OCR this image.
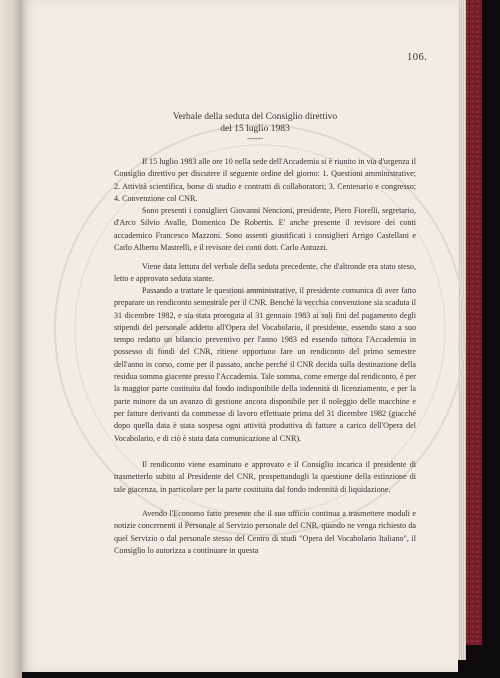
106.
Verbale della seduta del Consiglio direttivo
del 15 luglio 1983
------

Il 15 luglio 1983 alle ore 10 nella sede dell'Accademia si è riunito in via d'urgenza il Consiglio direttivo per discutere il seguente ordine del giorno: 1. Questioni amministrative; 2. Attività scientifica, borse di studio e contratti di collaboratori; 3. Centenario e congresso; 4. Convenzione col CNR.

Sono presenti i consiglieri Giovanni Nencioni, presidente, Piero Fiorelli, segretario, d'Arco Silvio Avalle, Domenico De Robertis. E' anche presente il revisore dei conti accademico Francesco Mazzoni. Sono assenti giustificati i consiglieri Arrigo Castellani e Carlo Alberto Mastrelli, e il revisore dei conti dott. Carlo Antuzzi.

Viene data lettura del verbale della seduta precedente, che d'altronde era stato steso, letto e approvato seduta stante.

Passando a trattare le questioni amministrative, il presidente comunica di aver fatto preparare un rendiconto semestrale per il CNR. Benché la vecchia convenzione sia scaduta il 31 dicembre 1982, e sia stata prorogata al 31 gennaio 1983 ai soli fini del pagamento degli stipendi del personale addetto all'Opera del Vocabolario, il presidente, essendo stato a suo tempo redatto un bilancio preventivo per l'anno 1983 ed essendo tuttora l'Accademia in possesso di fondi del CNR, ritiene opportuno fare un rendiconto del primo semestre dell'anno in corso, come per il passato, anche perché il CNR decida sulla destinazione della residua somma giacente presso l'Accademia. Tale somma, come emerge dal rendiconto, è per la maggior parte costituita dal fondo indisponibile della indennità di licenziamento, e per la parte minore da un avanzo di gestione ancora disponibile per il noleggio delle macchine e per fatture derivanti da commesse di lavoro effettuate prima del 31 dicembre 1982 (giacché dopo quella data è stata sospesa ogni attività produttiva di fatture a carico dell'Opera del Vocabolario, e di ciò è stata data comunicazione al CNR).

Il rendiconto viene esaminato e approvato e il Consiglio incarica il presidente di trasmetterlo subito al Presidente del CNR, prospettandogli la questione della estinzione di tale giacenza, in particolare per la parte costituita dal fondo indennità di liquidazione.

Avendo l'Economo fatto presente che il suo ufficio continua a trasmettere moduli e notizie concernenti il Personale al Servizio personale del CNR, quando ne venga richiesto da quel Servizio o dal personale stesso del Centro di studi "Opera del Vocabolario Italiano", il Consiglio lo autorizza a continuare in questa
